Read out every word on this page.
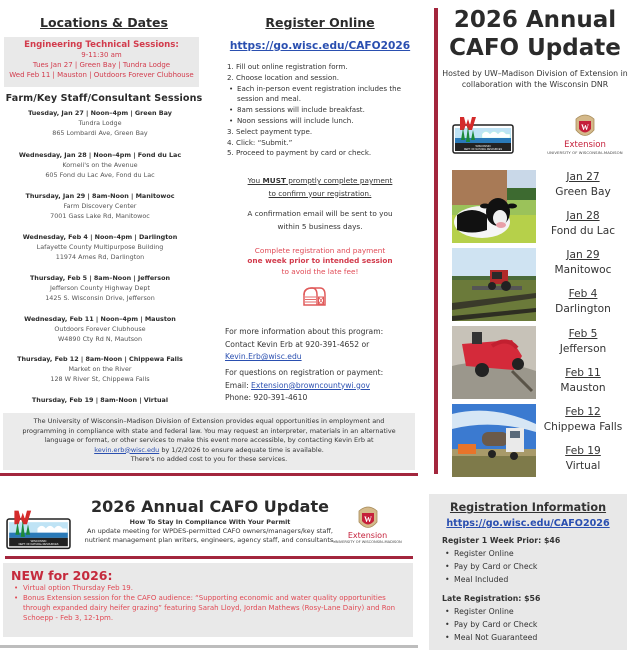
Locations & Dates
Engineering Technical Sessions:
9-11:30 am
Tues Jan 27 | Green Bay | Tundra Lodge
Wed Feb 11 | Mauston | Outdoors Forever Clubhouse
Farm/Key Staff/Consultant Sessions
Tuesday, Jan 27 | Noon–4pm | Green Bay
Tundra Lodge
865 Lombardi Ave, Green Bay
Wednesday, Jan 28 | Noon–4pm | Fond du Lac
Korneli's on the Avenue
605 Fond du Lac Ave, Fond du Lac
Thursday, Jan 29 | 8am-Noon | Manitowoc
Farm Discovery Center
7001 Gass Lake Rd, Manitowoc
Wednesday, Feb 4 | Noon–4pm | Darlington
Lafayette County Multipurpose Building
11974 Ames Rd, Darlington
Thursday, Feb 5 | 8am–Noon | Jefferson
Jefferson County Highway Dept
1425 S. Wisconsin Drive, Jefferson
Wednesday, Feb 11 | Noon–4pm | Mauston
Outdoors Forever Clubhouse
W4890 Cty Rd N, Mautson
Thursday, Feb 12 | 8am-Noon | Chippewa Falls
Market on the River
128 W River St, Chippewa Falls
Thursday, Feb 19 | 8am-Noon | Virtual
Register Online
https://go.wisc.edu/CAFO2026
1. Fill out online registration form.
2. Choose location and session.
• Each in-person event registration includes the session and meal.
• 8am sessions will include breakfast.
• Noon sessions will include lunch.
3. Select payment type.
4. Click: “Submit.”
5. Proceed to payment by card or check.
You MUST promptly complete payment
to confirm your registration.
A confirmation email will be sent to you
within 5 business days.
Complete registration and payment
one week prior to intended session
to avoid the late fee!
For more information about this program:
Contact Kevin Erb at 920-391-4652 or
Kevin.Erb@wisc.edu
For questions on registration or payment:
Email: Extension@browncountywi.gov
Phone: 920-391-4610
2026 Annual
CAFO Update
Hosted by UW–Madison Division of Extension in collaboration with the Wisconsin DNR
WISCONSIN
DEPT. OF NATURAL RESOURCES
W
Extension
UNIVERSITY OF WISCONSIN–MADISON
Jan 27
Green Bay
Jan 28
Fond du Lac
Jan 29
Manitowoc
Feb 4
Darlington
Feb 5
Jefferson
Feb 11
Mauston
Feb 12
Chippewa Falls
Feb 19
Virtual
The University of Wisconsin–Madison Division of Extension provides equal opportunities in employment and
programming in compliance with state and federal law. You may request an interpreter, materials in an alternative
language or format, or other services to make this event more accessible, by contacting Kevin Erb at
kevin.erb@wisc.edu by 1/2/2026 to ensure adequate time is available.
There's no added cost to you for these services.
WISCONSIN
DEPT. OF NATURAL RESOURCES
2026 Annual CAFO Update
How To Stay In Compliance With Your Permit
An update meeting for WPDES-permitted CAFO owners/managers/key staff, nutrient management plan writers, engineers, agency staff, and consultants.
W
Extension
UNIVERSITY OF WISCONSIN–MADISON
NEW for 2026:
• Virtual option Thursday Feb 19.
• Bonus Extension session for the CAFO audience: “Supporting economic and water quality opportunities through expanded dairy heifer grazing” featuring Sarah Lloyd, Jordan Mathews (Rosy-Lane Dairy) and Ron Schoepp - Feb 3, 12-1pm.
Registration Information
https://go.wisc.edu/CAFO2026
Register 1 Week Prior: $46
• Register Online
• Pay by Card or Check
• Meal Included
Late Registration: $56
• Register Online
• Pay by Card or Check
• Meal Not Guaranteed
